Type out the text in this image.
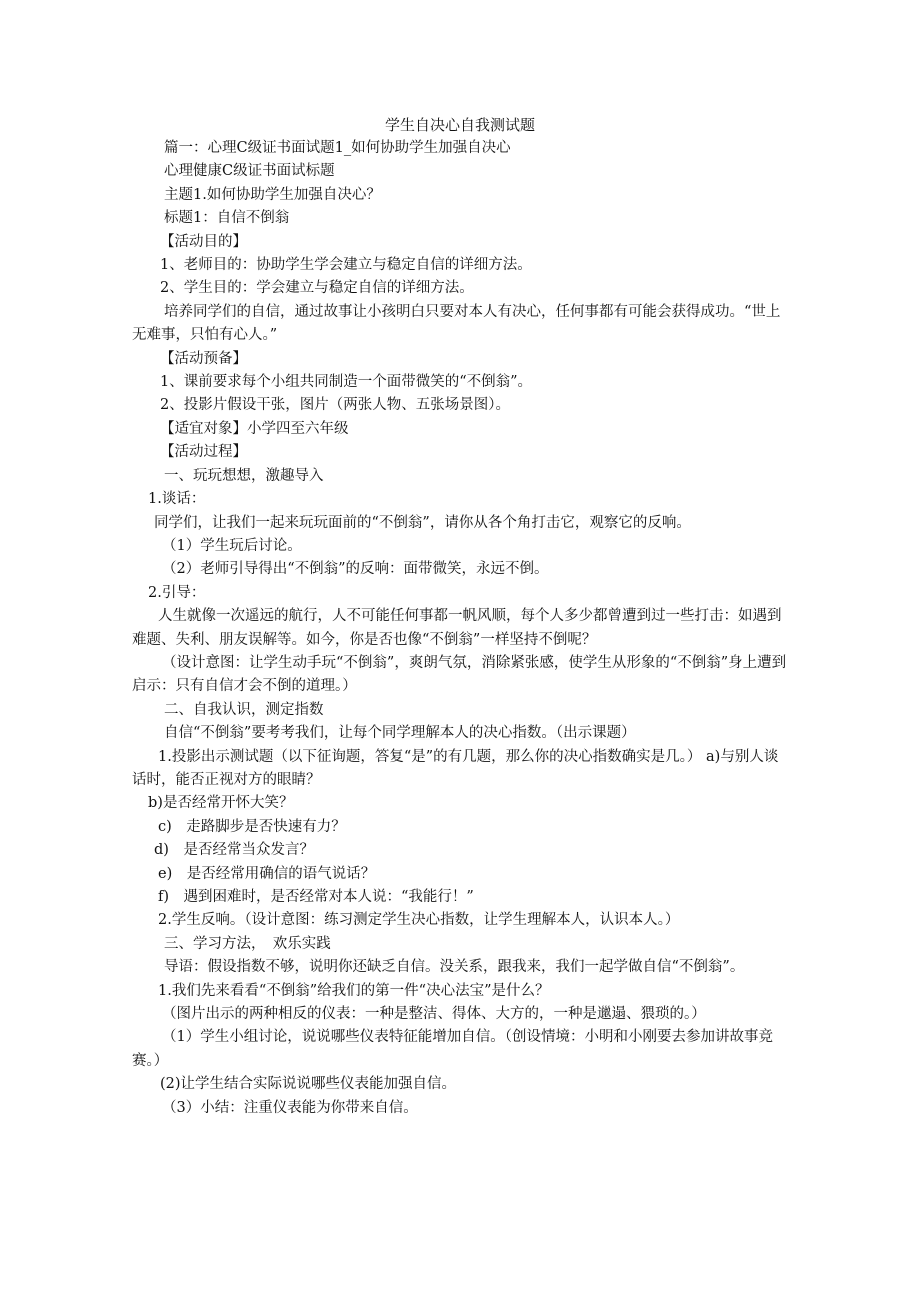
学生自决心自我测试题

篇一：心理C级证书面试题1_如何协助学生加强自决心

心理健康C级证书面试标题

主题1.如何协助学生加强自决心？

标题1：自信不倒翁

【活动目的】

1、老师目的：协助学生学会建立与稳定自信的详细方法。

2、学生目的：学会建立与稳定自信的详细方法。

培养同学们的自信，通过故事让小孩明白只要对本人有决心，任何事都有可能会获得成功。“世上无难事，只怕有心人。”

【活动预备】

1、课前要求每个小组共同制造一个面带微笑的“不倒翁”。

2、投影片假设干张，图片（两张人物、五张场景图）。

【适宜对象】小学四至六年级

【活动过程】

一、玩玩想想，激趣导入

1.谈话：

同学们，让我们一起来玩玩面前的“不倒翁”，请你从各个角打击它，观察它的反响。

（1）学生玩后讨论。

（2）老师引导得出“不倒翁”的反响：面带微笑，永远不倒。

2.引导：

人生就像一次遥远的航行，人不可能任何事都一帆风顺，每个人多少都曾遭到过一些打击：如遇到难题、失利、朋友误解等。如今，你是否也像“不倒翁”一样坚持不倒呢？

（设计意图：让学生动手玩“不倒翁”，爽朗气氛，消除紧张感，使学生从形象的“不倒翁”身上遭到启示：只有自信才会不倒的道理。）

二、自我认识，测定指数

自信“不倒翁”要考考我们，让每个同学理解本人的决心指数。（出示课题）

1.投影出示测试题（以下征询题，答复“是”的有几题，那么你的决心指数确实是几。） a)与别人谈话时，能否正视对方的眼睛？

b)是否经常开怀大笑？

c)　走路脚步是否快速有力？

d)　是否经常当众发言？

e)　是否经常用确信的语气说话？

f)　遇到困难时，是否经常对本人说：“我能行！”

2.学生反响。（设计意图：练习测定学生决心指数，让学生理解本人，认识本人。）

三、学习方法，　欢乐实践

导语：假设指数不够，说明你还缺乏自信。没关系，跟我来，我们一起学做自信“不倒翁”。

1.我们先来看看“不倒翁”给我们的第一件“决心法宝”是什么？

（图片出示的两种相反的仪表：一种是整洁、得体、大方的，一种是邋遢、猥琐的。）

（1）学生小组讨论，说说哪些仪表特征能增加自信。（创设情境：小明和小刚要去参加讲故事竞赛。）

(2)让学生结合实际说说哪些仪表能加强自信。

（3）小结：注重仪表能为你带来自信。
